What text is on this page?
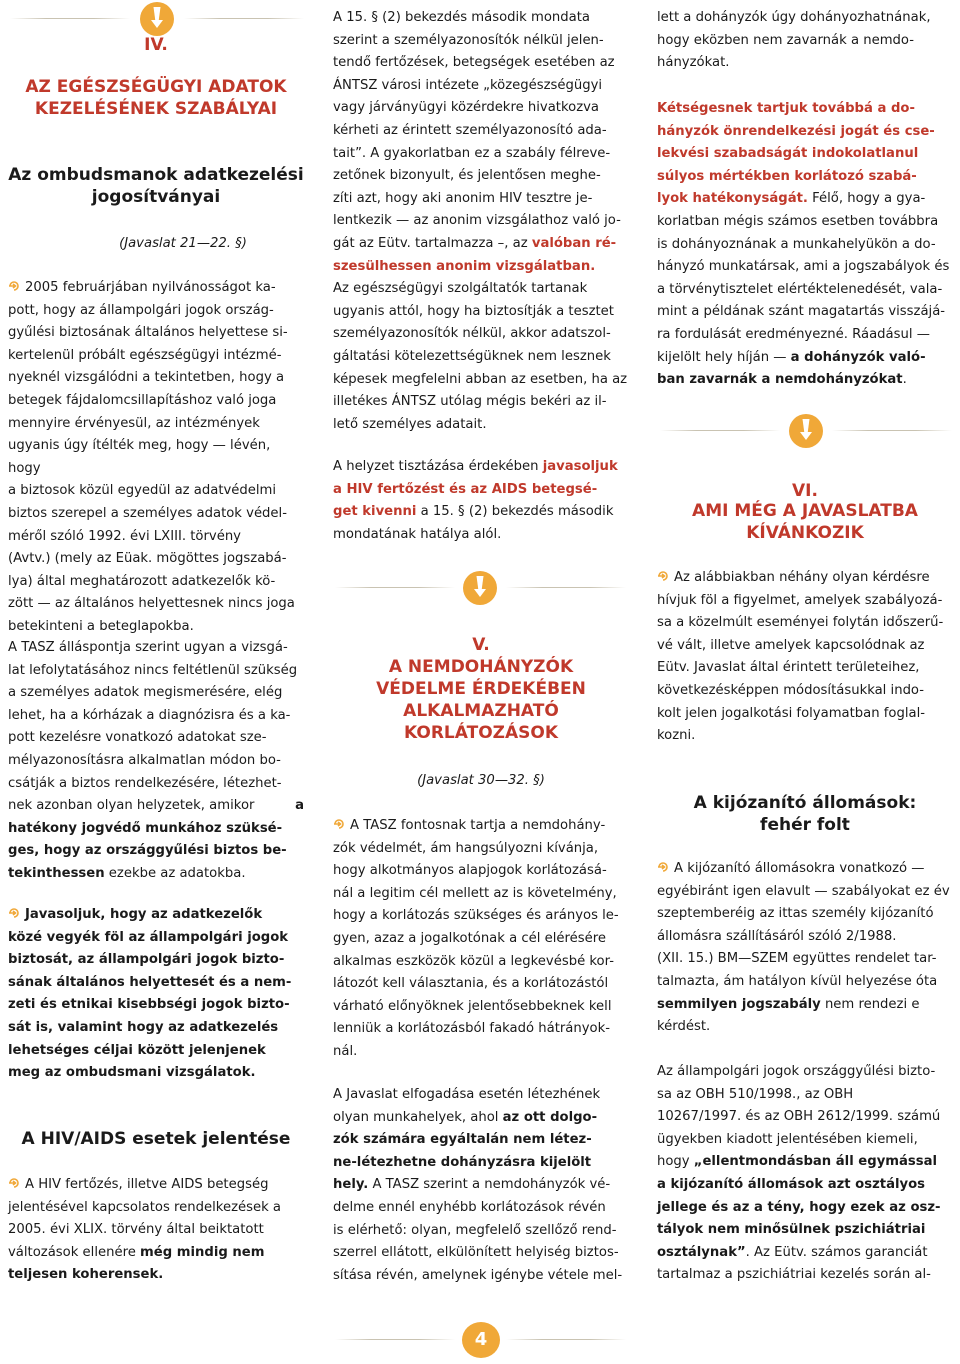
4
IV.
AZ EGÉSZSÉGÜGYI ADATOK
KEZELÉSÉNEK SZABÁLYAI
Az ombudsmanok adatkezelési
jogosítványai
(Javaslat 21—22. §)
2005 februárjában nyilvánosságot ka-
pott, hogy az állampolgári jogok ország-
gyűlési biztosának általános helyettese si-
kertelenül próbált egészségügyi intézmé-
nyeknél vizsgálódni a tekintetben, hogy a
betegek fájdalomcsillapításhoz való joga
mennyire érvényesül, az intézmények
ugyanis úgy ítélték meg, hogy — lévén, hogy
a biztosok közül egyedül az adatvédelmi
biztos szerepel a személyes adatok védel-
méről szóló 1992. évi LXIII. törvény
(Avtv.) (mely az Eüak. mögöttes jogszabá-
lya) által meghatározott adatkezelők kö-
zött — az általános helyettesnek nincs joga
betekinteni a beteglapokba.
A TASZ álláspontja szerint ugyan a vizsgá-
lat lefolytatásához nincs feltétlenül szükség
a személyes adatok megismerésére, elég
lehet, ha a kórházak a diagnózisra és a ka-
pott kezelésre vonatkozó adatokat sze-
mélyazonosításra alkalmatlan módon bo-
csátják a biztos rendelkezésére, létezhet-
nek azonban olyan helyzetek, amikor	a
hatékony jogvédő munkához szüksé-
ges, hogy az országgyűlési biztos be-
tekinthessen ezekbe az adatokba.
Javasoljuk, hogy az adatkezelők
közé vegyék föl az állampolgári jogok
biztosát, az állampolgári jogok bizto-
sának általános helyettesét és a nem-
zeti és etnikai kisebbségi jogok bizto-
sát is, valamint hogy az adatkezelés
lehetséges céljai között jelenjenek
meg az ombudsmani vizsgálatok.
A HIV/AIDS esetek jelentése
A HIV fertőzés, illetve AIDS betegség
jelentésével kapcsolatos rendelkezések a
2005. évi XLIX. törvény által beiktatott
változások ellenére még mindig nem
teljesen koherensek.
A 15. § (2) bekezdés második mondata
szerint a személyazonosítók nélkül jelen-
tendő fertőzések, betegségek esetében az
ÁNTSZ városi intézete „közegészségügyi
vagy járványügyi közérdekre hivatkozva
kérheti az érintett személyazonosító ada-
tait”. A gyakorlatban ez a szabály félreve-
zetőnek bizonyult, és jelentősen meghe-
zíti azt, hogy aki anonim HIV tesztre je-
lentkezik — az anonim vizsgálathoz való jo-
gát az Eütv. tartalmazza –, az valóban ré-
szesülhessen anonim vizsgálatban.
Az egészségügyi szolgáltatók tartanak
ugyanis attól, hogy ha biztosítják a tesztet
személyazonosítók nélkül, akkor adatszol-
gáltatási kötelezettségüknek nem lesznek
képesek megfelelni abban az esetben, ha az
illetékes ÁNTSZ utólag mégis bekéri az il-
lető személyes adatait.
A helyzet tisztázása érdekében javasoljuk
a HIV fertőzést és az AIDS betegsé-
get kivenni a 15. § (2) bekezdés második
mondatának hatálya alól.
V.
A NEMDOHÁNYZÓK
VÉDELME ÉRDEKÉBEN
ALKALMAZHATÓ
KORLÁTOZÁSOK
(Javaslat 30—32. §)
A TASZ fontosnak tartja a nemdohány-
zók védelmét, ám hangsúlyozni kívánja,
hogy alkotmányos alapjogok korlátozásá-
nál a legitim cél mellett az is követelmény,
hogy a korlátozás szükséges és arányos le-
gyen, azaz a jogalkotónak a cél elérésére
alkalmas eszközök közül a legkevésbé kor-
látozót kell választania, és a korlátozástól
várható előnyöknek jelentősebbeknek kell
lenniük a korlátozásból fakadó hátrányok-
nál.
A Javaslat elfogadása esetén létezhének
olyan munkahelyek, ahol az ott dolgo-
zók számára egyáltalán nem létez-
ne-létezhetne dohányzásra kijelölt
hely. A TASZ szerint a nemdohányzók vé-
delme ennél enyhébb korlátozások révén
is elérhető: olyan, megfelelő szellőző rend-
szerrel ellátott, elkülönített helyiség biztos-
sítása révén, amelynek igénybe vétele mel-
lett a dohányzók úgy dohányozhatnának,
hogy eközben nem zavarnák a nemdo-
hányzókat.
Kétségesnek tartjuk továbbá a do-
hányzók önrendelkezési jogát és cse-
lekvési szabadságát indokolatlanul
súlyos mértékben korlátozó szabá-
lyok hatékonyságát. Félő, hogy a gya-
korlatban mégis számos esetben továbbra
is dohányoznának a munkahelyükön a do-
hányzó munkatársak, ami a jogszabályok és
a törvénytisztelet elértéktelenedését, vala-
mint a példának szánt magatartás visszájá-
ra fordulását eredményezné. Ráadásul —
kijelölt hely híján — a dohányzók való-
ban zavarnák a nemdohányzókat.
VI.
AMI MÉG A JAVASLATBA
KÍVÁNKOZIK
Az alábbiakban néhány olyan kérdésre
hívjuk föl a figyelmet, amelyek szabályozá-
sa a közelmúlt eseményei folytán időszerű-
vé vált, illetve amelyek kapcsolódnak az
Eütv. Javaslat által érintett területeihez,
következésképpen módosításukkal indo-
kolt jelen jogalkotási folyamatban foglal-
kozni.
A kijózanító állomások:
fehér folt
A kijózanító állomásokra vonatkozó —
egyébiránt igen elavult — szabályokat ez év
szeptemberéig az ittas személy kijózanító
állomásra szállításáról szóló 2/1988.
(XII. 15.) BM—SZEM együttes rendelet tar-
talmazta, ám hatályon kívül helyezése óta
semmilyen jogszabály nem rendezi e
kérdést.
Az állampolgári jogok országgyűlési bizto-
sa az OBH 510/1998., az OBH
10267/1997. és az OBH 2612/1999. számú
ügyekben kiadott jelentésében kiemeli,
hogy „ellentmondásban áll egymással
a kijózanító állomások azt osztályos
jellege és az a tény, hogy ezek az osz-
tályok nem minősülnek pszichiátriai
osztálynak”. Az Eütv. számos garanciát
tartalmaz a pszichiátriai kezelés során al-
